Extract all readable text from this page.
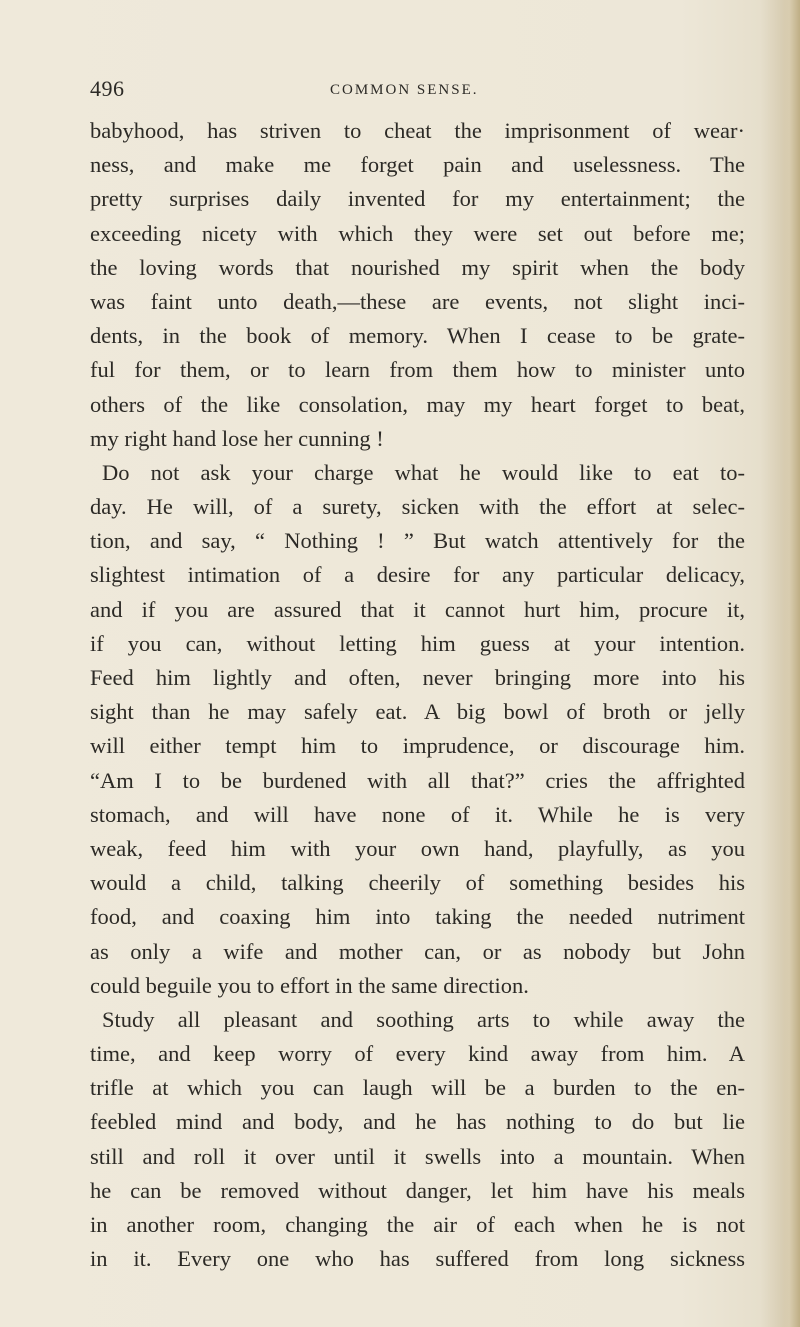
496	COMMON SENSE.
babyhood, has striven to cheat the imprisonment of wear·
ness, and make me forget pain and uselessness. The
pretty surprises daily invented for my entertainment; the
exceeding nicety with which they were set out before me;
the loving words that nourished my spirit when the body
was faint unto death,—these are events, not slight inci-
dents, in the book of memory. When I cease to be grate-
ful for them, or to learn from them how to minister unto
others of the like consolation, may my heart forget to beat,
my right hand lose her cunning !
Do not ask your charge what he would like to eat to-
day. He will, of a surety, sicken with the effort at selec-
tion, and say, “ Nothing ! ” But watch attentively for the
slightest intimation of a desire for any particular delicacy,
and if you are assured that it cannot hurt him, procure it,
if you can, without letting him guess at your intention.
Feed him lightly and often, never bringing more into his
sight than he may safely eat. A big bowl of broth or jelly
will either tempt him to imprudence, or discourage him.
“Am I to be burdened with all that?” cries the affrighted
stomach, and will have none of it. While he is very
weak, feed him with your own hand, playfully, as you
would a child, talking cheerily of something besides his
food, and coaxing him into taking the needed nutriment
as only a wife and mother can, or as nobody but John
could beguile you to effort in the same direction.
Study all pleasant and soothing arts to while away the
time, and keep worry of every kind away from him. A
trifle at which you can laugh will be a burden to the en-
feebled mind and body, and he has nothing to do but lie
still and roll it over until it swells into a mountain. When
he can be removed without danger, let him have his meals
in another room, changing the air of each when he is not
in it. Every one who has suffered from long sickness
